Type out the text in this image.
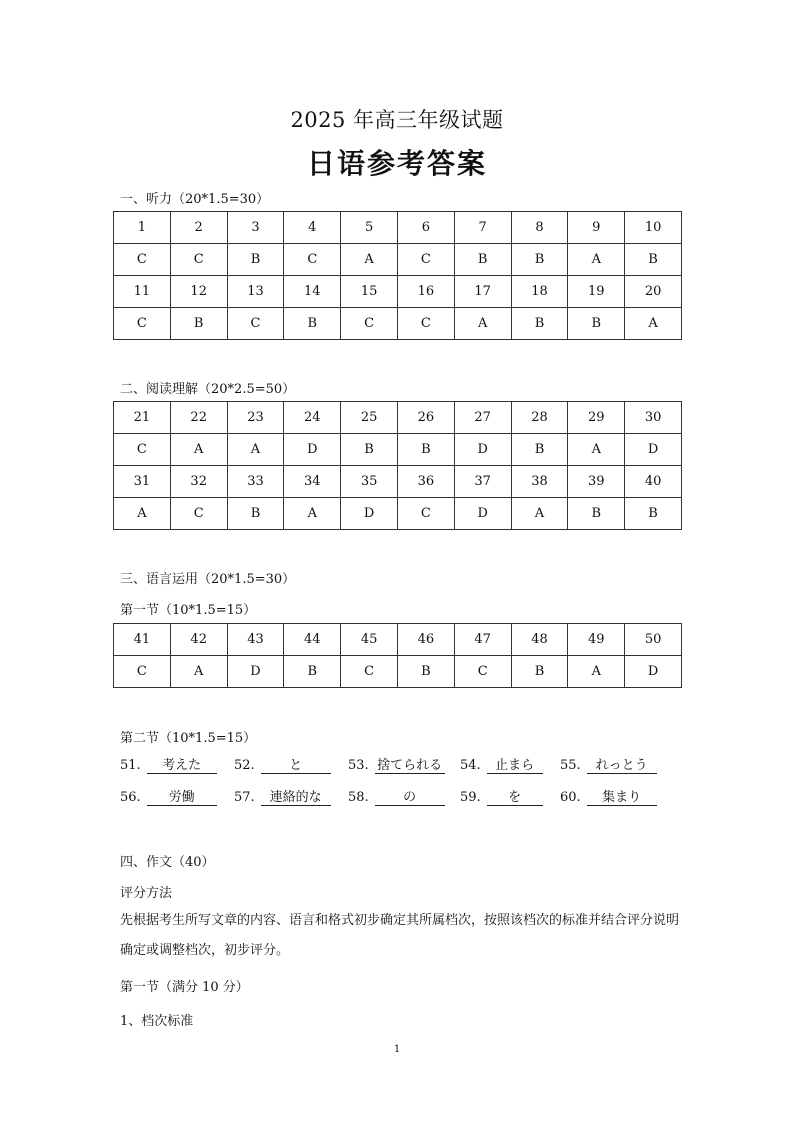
2025 年高三年级试题
日语参考答案
一、听力（20*1.5=30）
1	2	3	4	5	6	7	8	9	10
C	C	B	C	A	C	B	B	A	B
11	12	13	14	15	16	17	18	19	20
C	B	C	B	C	C	A	B	B	A
二、阅读理解（20*2.5=50）
21	22	23	24	25	26	27	28	29	30
C	A	A	D	B	B	D	B	A	D
31	32	33	34	35	36	37	38	39	40
A	C	B	A	D	C	D	A	B	B
三、语言运用（20*1.5=30）
第一节（10*1.5=15）
41	42	43	44	45	46	47	48	49	50
C	A	D	B	C	B	C	B	A	D
第二节（10*1.5=15）
51. 考えた	52.	と	53. 捨てられる 54. 止まら 55. れっとう
56. 労働	57. 連絡的な 58.	の	59. を	60. 集まり
四、作文（40）
评分方法
先根据考生所写文章的内容、语言和格式初步确定其所属档次，按照该档次的标准并结合评分说明确定或调整档次，初步评分。
第一节（满分 10 分）
1、档次标准
1
